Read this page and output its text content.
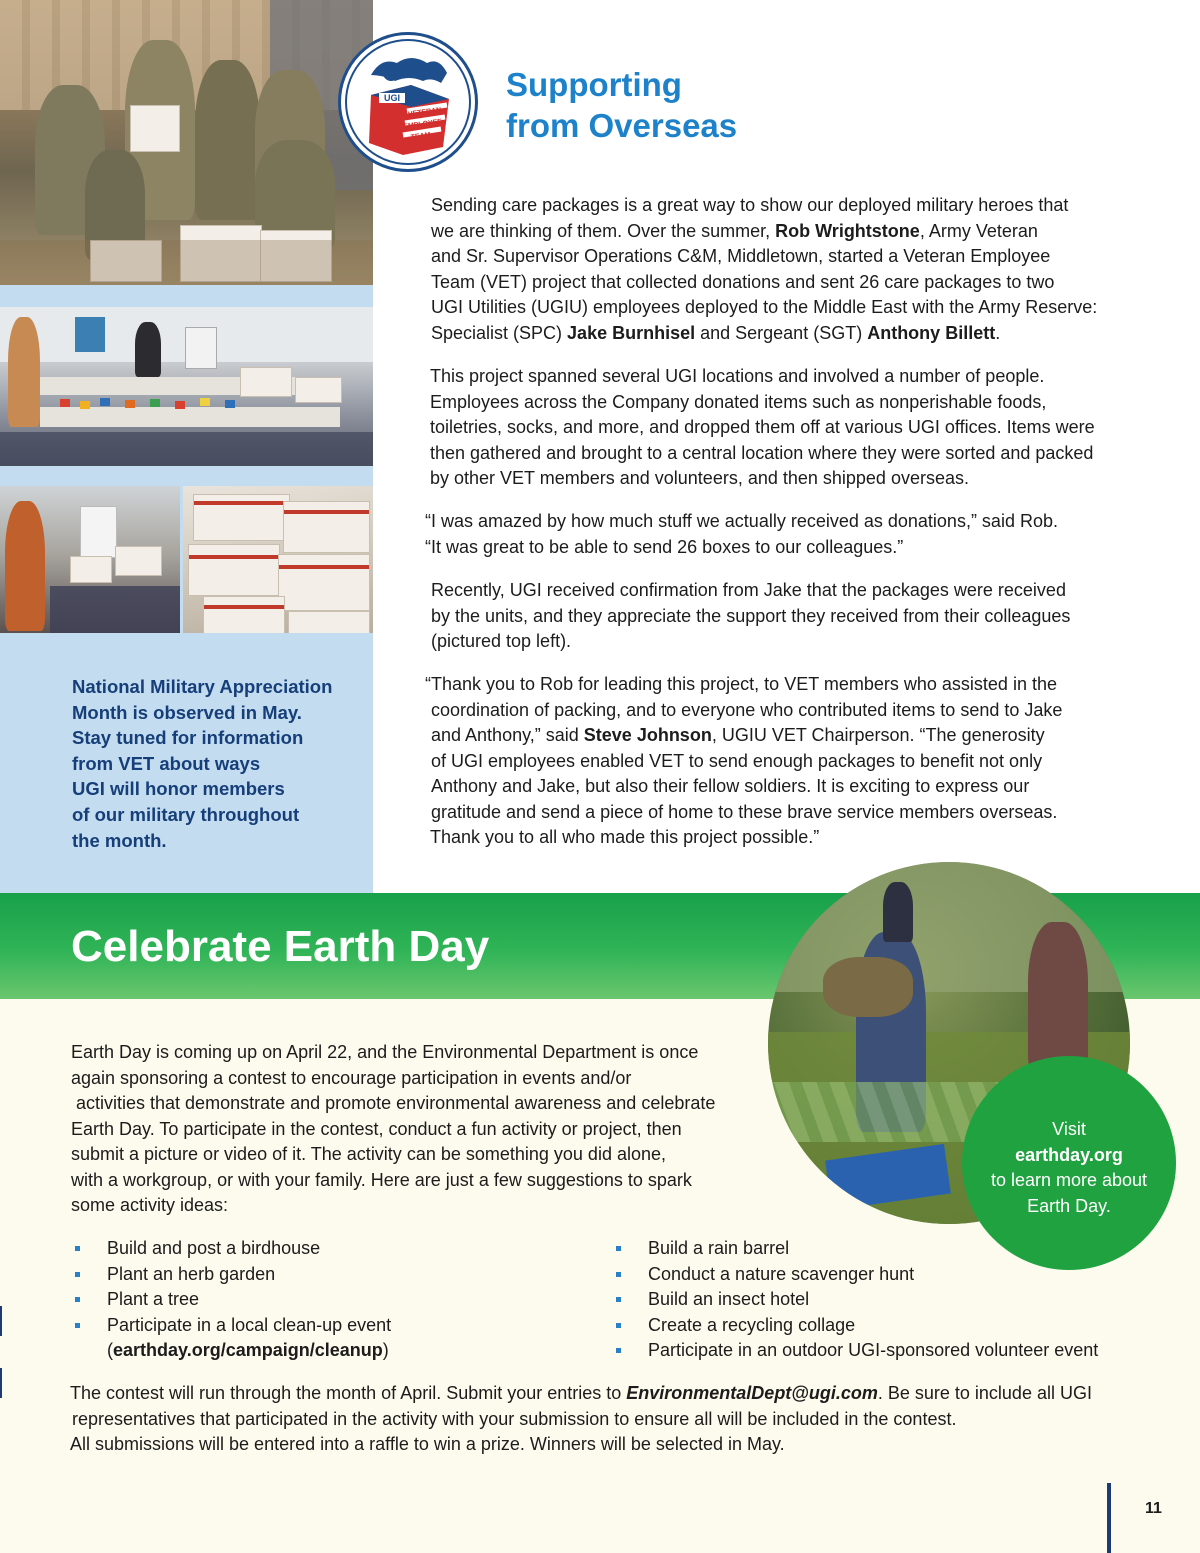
National Military Appreciation
Month is observed in May.
Stay tuned for information
from VET about ways
UGI will honor members
of our military throughout
the month.
UGI
VETERAN
EMPLOYEE
TEAM
Supporting
from Overseas
Sending care packages is a great way to show our deployed military heroes that
we are thinking of them. Over the summer, Rob Wrightstone, Army Veteran
and Sr. Supervisor Operations C&M, Middletown, started a Veteran Employee
Team (VET) project that collected donations and sent 26 care packages to two
UGI Utilities (UGIU) employees deployed to the Middle East with the Army Reserve:
Specialist (SPC) Jake Burnhisel and Sergeant (SGT) Anthony Billett.
This project spanned several UGI locations and involved a number of people.
Employees across the Company donated items such as nonperishable foods,
toiletries, socks, and more, and dropped them off at various UGI offices. Items were
then gathered and brought to a central location where they were sorted and packed
by other VET members and volunteers, and then shipped overseas.
“I was amazed by how much stuff we actually received as donations,” said Rob.
“It was great to be able to send 26 boxes to our colleagues.”
Recently, UGI received confirmation from Jake that the packages were received
by the units, and they appreciate the support they received from their colleagues
(pictured top left).
“Thank you to Rob for leading this project, to VET members who assisted in the
coordination of packing, and to everyone who contributed items to send to Jake
and Anthony,” said Steve Johnson, UGIU VET Chairperson. “The generosity
of UGI employees enabled VET to send enough packages to benefit not only
Anthony and Jake, but also their fellow soldiers. It is exciting to express our
gratitude and send a piece of home to these brave service members overseas.
Thank you to all who made this project possible.”
Celebrate Earth Day
Visit
earthday.org
to learn more about
Earth Day.
Earth Day is coming up on April 22, and the Environmental Department is once
again sponsoring a contest to encourage participation in events and/or
activities that demonstrate and promote environmental awareness and celebrate
Earth Day. To participate in the contest, conduct a fun activity or project, then
submit a picture or video of it. The activity can be something you did alone,
with a workgroup, or with your family. Here are just a few suggestions to spark
some activity ideas:
Build and post a birdhouse
Plant an herb garden
Plant a tree
Participate in a local clean-up event
(earthday.org/campaign/cleanup)
Build a rain barrel
Conduct a nature scavenger hunt
Build an insect hotel
Create a recycling collage
Participate in an outdoor UGI-sponsored volunteer event
The contest will run through the month of April. Submit your entries to EnvironmentalDept@ugi.com. Be sure to include all UGI
representatives that participated in the activity with your submission to ensure all will be included in the contest.
All submissions will be entered into a raffle to win a prize. Winners will be selected in May.
11
